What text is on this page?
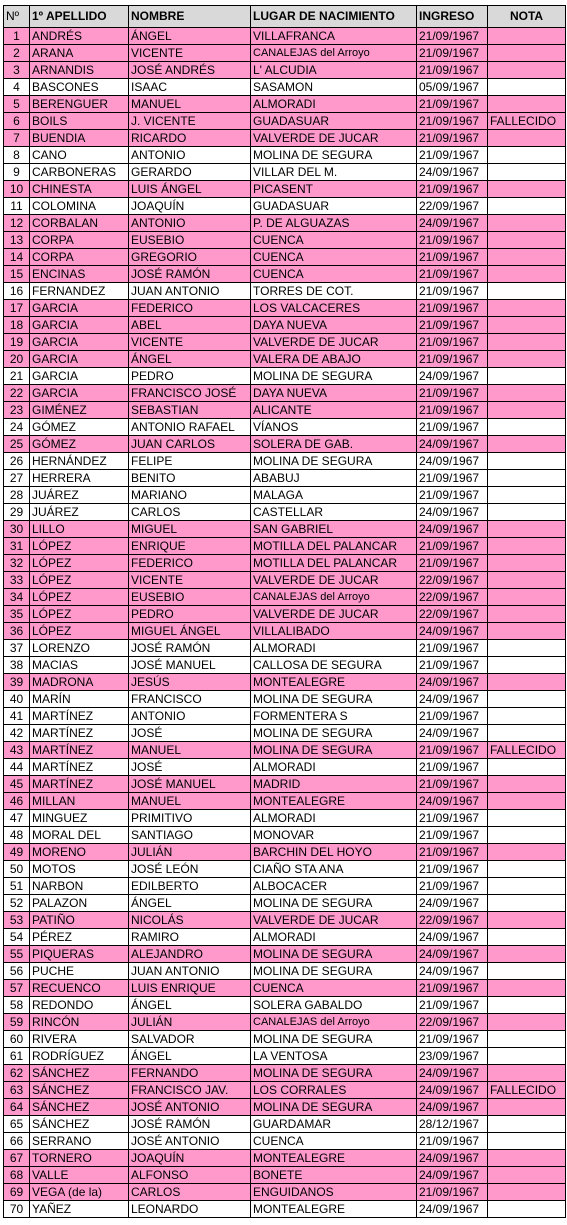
Nº	1º APELLIDO	NOMBRE	LUGAR DE NACIMIENTO	INGRESO	NOTA
1	ANDRÉS	ÁNGEL	VILLAFRANCA	21/09/1967	
2	ARANA	VICENTE	CANALEJAS del Arroyo	21/09/1967	
3	ARNANDIS	JOSÉ ANDRÉS	L' ALCUDIA	21/09/1967	
4	BASCONES	ISAAC	SASAMON	05/09/1967	
5	BERENGUER	MANUEL	ALMORADI	21/09/1967	
6	BOILS	J. VICENTE	GUADASUAR	21/09/1967	FALLECIDO
7	BUENDIA	RICARDO	VALVERDE DE JUCAR	21/09/1967	
8	CANO	ANTONIO	MOLINA DE SEGURA	21/09/1967	
9	CARBONERAS	GERARDO	VILLAR DEL M.	24/09/1967	
10	CHINESTA	LUIS ÁNGEL	PICASENT	21/09/1967	
11	COLOMINA	JOAQUÍN	GUADASUAR	22/09/1967	
12	CORBALAN	ANTONIO	P. DE ALGUAZAS	24/09/1967	
13	CORPA	EUSEBIO	CUENCA	21/09/1967	
14	CORPA	GREGORIO	CUENCA	21/09/1967	
15	ENCINAS	JOSÉ RAMÓN	CUENCA	21/09/1967	
16	FERNANDEZ	JUAN ANTONIO	TORRES DE COT.	21/09/1967	
17	GARCIA	FEDERICO	LOS VALCACERES	21/09/1967	
18	GARCIA	ABEL	DAYA NUEVA	21/09/1967	
19	GARCIA	VICENTE	VALVERDE DE JUCAR	21/09/1967	
20	GARCIA	ÁNGEL	VALERA DE ABAJO	21/09/1967	
21	GARCIA	PEDRO	MOLINA DE SEGURA	24/09/1967	
22	GARCIA	FRANCISCO JOSÉ	DAYA NUEVA	21/09/1967	
23	GIMÉNEZ	SEBASTIAN	ALICANTE	21/09/1967	
24	GÓMEZ	ANTONIO RAFAEL	VÍANOS	21/09/1967	
25	GÓMEZ	JUAN CARLOS	SOLERA DE GAB.	24/09/1967	
26	HERNÁNDEZ	FELIPE	MOLINA DE SEGURA	24/09/1967	
27	HERRERA	BENITO	ABABUJ	21/09/1967	
28	JUÁREZ	MARIANO	MALAGA	21/09/1967	
29	JUÁREZ	CARLOS	CASTELLAR	24/09/1967	
30	LILLO	MIGUEL	SAN GABRIEL	24/09/1967	
31	LÓPEZ	ENRIQUE	MOTILLA DEL PALANCAR	21/09/1967	
32	LÓPEZ	FEDERICO	MOTILLA DEL PALANCAR	21/09/1967	
33	LÓPEZ	VICENTE	VALVERDE DE JUCAR	22/09/1967	
34	LÓPEZ	EUSEBIO	CANALEJAS del Arroyo	22/09/1967	
35	LÓPEZ	PEDRO	VALVERDE DE JUCAR	22/09/1967	
36	LÓPEZ	MIGUEL ÁNGEL	VILLALIBADO	24/09/1967	
37	LORENZO	JOSÉ RAMÓN	ALMORADI	21/09/1967	
38	MACIAS	JOSÉ MANUEL	CALLOSA DE SEGURA	21/09/1967	
39	MADRONA	JESÚS	MONTEALEGRE	24/09/1967	
40	MARÍN	FRANCISCO	MOLINA DE SEGURA	24/09/1967	
41	MARTÍNEZ	ANTONIO	FORMENTERA S	21/09/1967	
42	MARTÍNEZ	JOSÉ	MOLINA DE SEGURA	24/09/1967	
43	MARTÍNEZ	MANUEL	MOLINA DE SEGURA	21/09/1967	FALLECIDO
44	MARTÍNEZ	JOSÉ	ALMORADI	21/09/1967	
45	MARTÍNEZ	JOSÉ MANUEL	MADRID	21/09/1967	
46	MILLAN	MANUEL	MONTEALEGRE	24/09/1967	
47	MINGUEZ	PRIMITIVO	ALMORADI	21/09/1967	
48	MORAL DEL	SANTIAGO	MONOVAR	21/09/1967	
49	MORENO	JULIÁN	BARCHIN DEL HOYO	21/09/1967	
50	MOTOS	JOSÉ LEÓN	CIAÑO STA ANA	21/09/1967	
51	NARBON	EDILBERTO	ALBOCACER	21/09/1967	
52	PALAZON	ÁNGEL	MOLINA DE SEGURA	24/09/1967	
53	PATIÑO	NICOLÁS	VALVERDE DE JUCAR	22/09/1967	
54	PÉREZ	RAMIRO	ALMORADI	24/09/1967	
55	PIQUERAS	ALEJANDRO	MOLINA DE SEGURA	24/09/1967	
56	PUCHE	JUAN ANTONIO	MOLINA DE SEGURA	24/09/1967	
57	RECUENCO	LUIS ENRIQUE	CUENCA	21/09/1967	
58	REDONDO	ÁNGEL	SOLERA GABALDO	21/09/1967	
59	RINCÓN	JULIÁN	CANALEJAS del Arroyo	22/09/1967	
60	RIVERA	SALVADOR	MOLINA DE SEGURA	21/09/1967	
61	RODRÍGUEZ	ÁNGEL	LA VENTOSA	23/09/1967	
62	SÁNCHEZ	FERNANDO	MOLINA DE SEGURA	24/09/1967	
63	SÁNCHEZ	FRANCISCO JAV.	LOS CORRALES	24/09/1967	FALLECIDO
64	SÁNCHEZ	JOSÉ ANTONIO	MOLINA DE SEGURA	24/09/1967	
65	SÁNCHEZ	JOSÉ RAMÓN	GUARDAMAR	28/12/1967	
66	SERRANO	JOSÉ ANTONIO	CUENCA	21/09/1967	
67	TORNERO	JOAQUÍN	MONTEALEGRE	24/09/1967	
68	VALLE	ALFONSO	BONETE	24/09/1967	
69	VEGA (de la)	CARLOS	ENGUIDANOS	21/09/1967	
70	YAÑEZ	LEONARDO	MONTEALEGRE	24/09/1967	
